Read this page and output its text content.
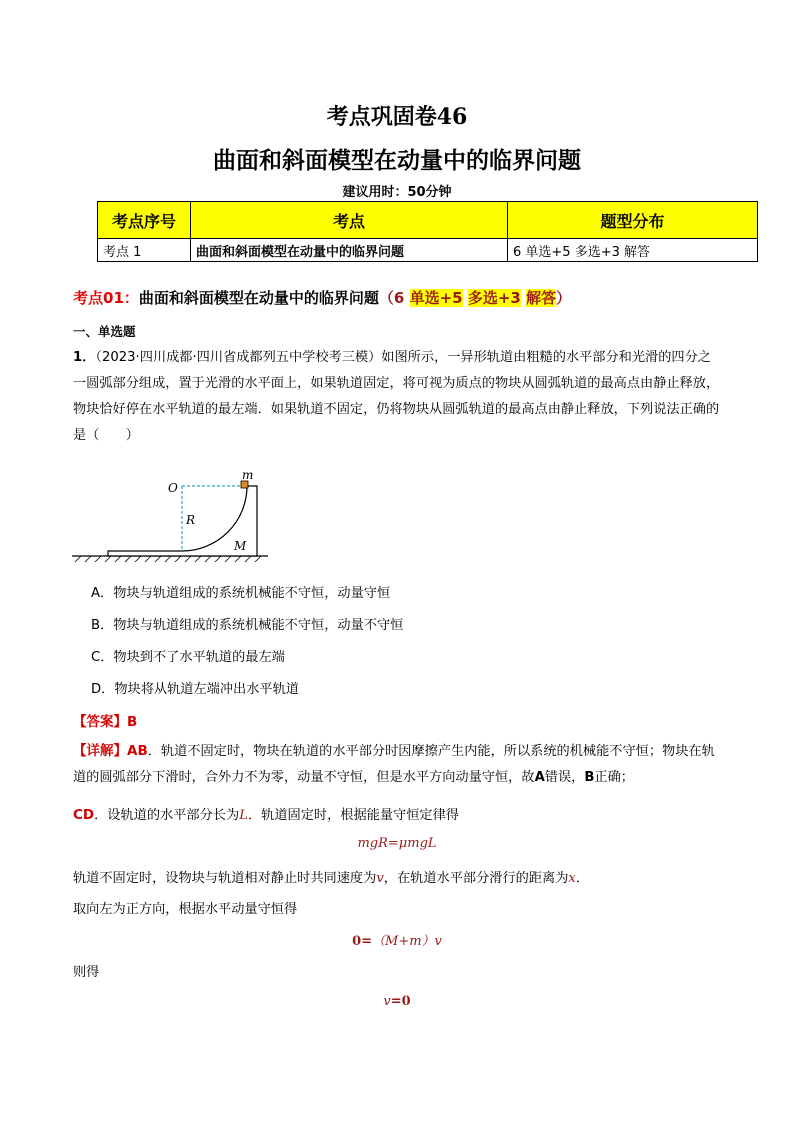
考点巩固卷46
曲面和斜面模型在动量中的临界问题
建议用时：50分钟
考点序号	考点	题型分布
考点 1	曲面和斜面模型在动量中的临界问题	6 单选+5 多选+3 解答
考点01：曲面和斜面模型在动量中的临界问题（6 单选+5 多选+3 解答）
一、单选题
1．（2023·四川成都·四川省成都列五中学校考三模）如图所示，一异形轨道由粗糙的水平部分和光滑的四分之一圆弧部分组成，置于光滑的水平面上，如果轨道固定，将可视为质点的物块从圆弧轨道的最高点由静止释放，物块恰好停在水平轨道的最左端．如果轨道不固定，仍将物块从圆弧轨道的最高点由静止释放，下列说法正确的是（　　）
O
m
R
M
A．物块与轨道组成的系统机械能不守恒，动量守恒
B．物块与轨道组成的系统机械能不守恒，动量不守恒
C．物块到不了水平轨道的最左端
D．物块将从轨道左端冲出水平轨道
【答案】B
【详解】AB．轨道不固定时，物块在轨道的水平部分时因摩擦产生内能，所以系统的机械能不守恒；物块在轨道的圆弧部分下滑时，合外力不为零，动量不守恒，但是水平方向动量守恒，故A错误，B正确；
CD．设轨道的水平部分长为L．轨道固定时，根据能量守恒定律得
mgR=μmgL
轨道不固定时，设物块与轨道相对静止时共同速度为v，在轨道水平部分滑行的距离为x．
取向左为正方向，根据水平动量守恒得
0=（M+m）v
则得
v=0
